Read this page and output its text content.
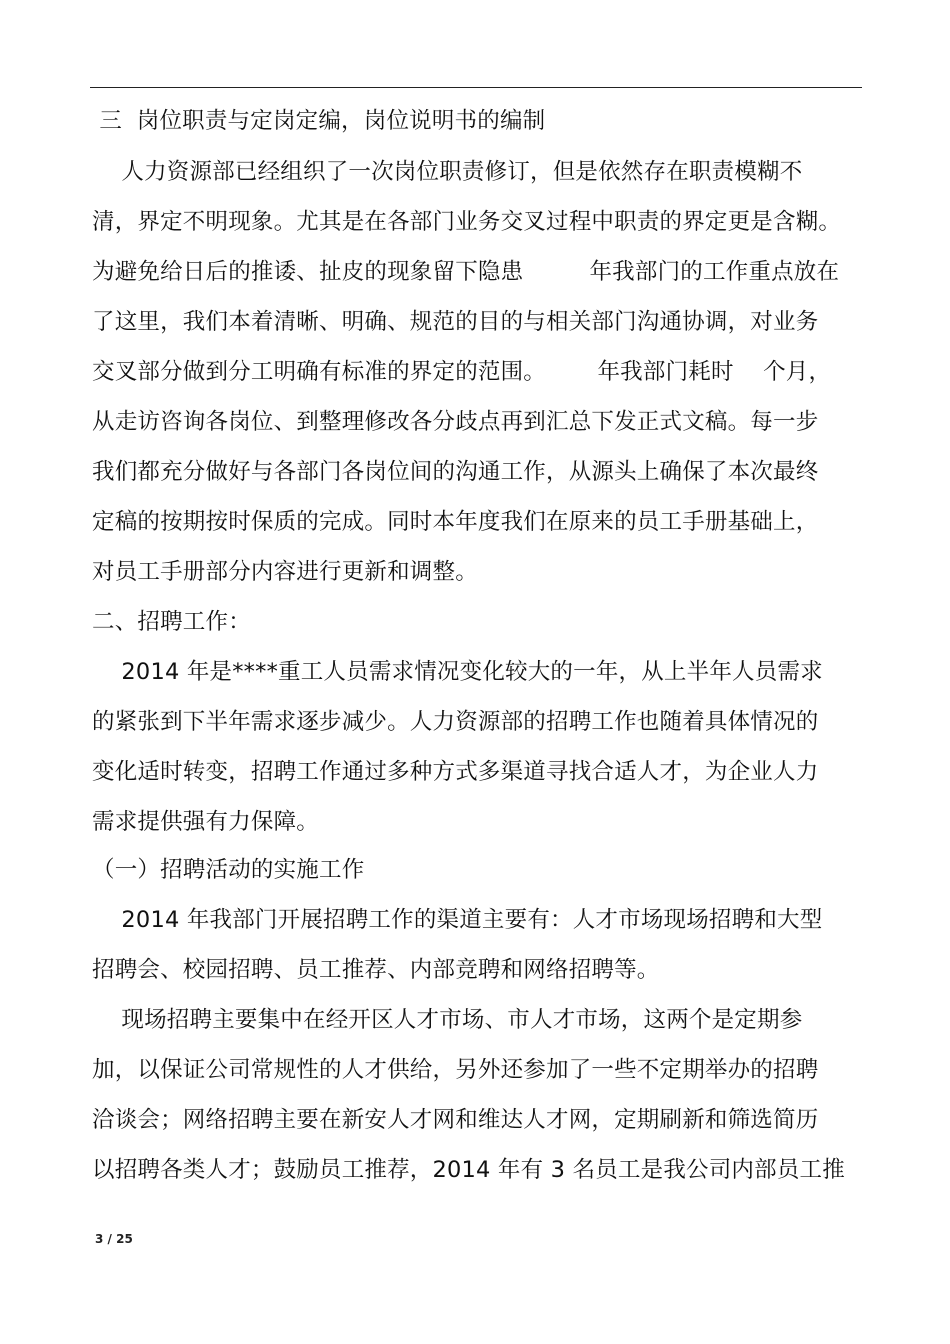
三  岗位职责与定岗定编，岗位说明书的编制
人力资源部已经组织了一次岗位职责修订，但是依然存在职责模糊不
清，界定不明现象。尤其是在各部门业务交叉过程中职责的界定更是含糊。
为避免给日后的推诿、扯皮的现象留下隐患         年我部门的工作重点放在
了这里，我们本着清晰、明确、规范的目的与相关部门沟通协调，对业务
交叉部分做到分工明确有标准的界定的范围。       年我部门耗时    个月，
从走访咨询各岗位、到整理修改各分歧点再到汇总下发正式文稿。每一步
我们都充分做好与各部门各岗位间的沟通工作，从源头上确保了本次最终
定稿的按期按时保质的完成。同时本年度我们在原来的员工手册基础上，
对员工手册部分内容进行更新和调整。
二、招聘工作：
2014 年是****重工人员需求情况变化较大的一年，从上半年人员需求
的紧张到下半年需求逐步减少。人力资源部的招聘工作也随着具体情况的
变化适时转变，招聘工作通过多种方式多渠道寻找合适人才，为企业人力
需求提供强有力保障。
（一）招聘活动的实施工作
2014 年我部门开展招聘工作的渠道主要有：人才市场现场招聘和大型
招聘会、校园招聘、员工推荐、内部竞聘和网络招聘等。
现场招聘主要集中在经开区人才市场、市人才市场，这两个是定期参
加，以保证公司常规性的人才供给，另外还参加了一些不定期举办的招聘
洽谈会；网络招聘主要在新安人才网和维达人才网，定期刷新和筛选简历
以招聘各类人才；鼓励员工推荐，2014 年有 3 名员工是我公司内部员工推
3 / 25
